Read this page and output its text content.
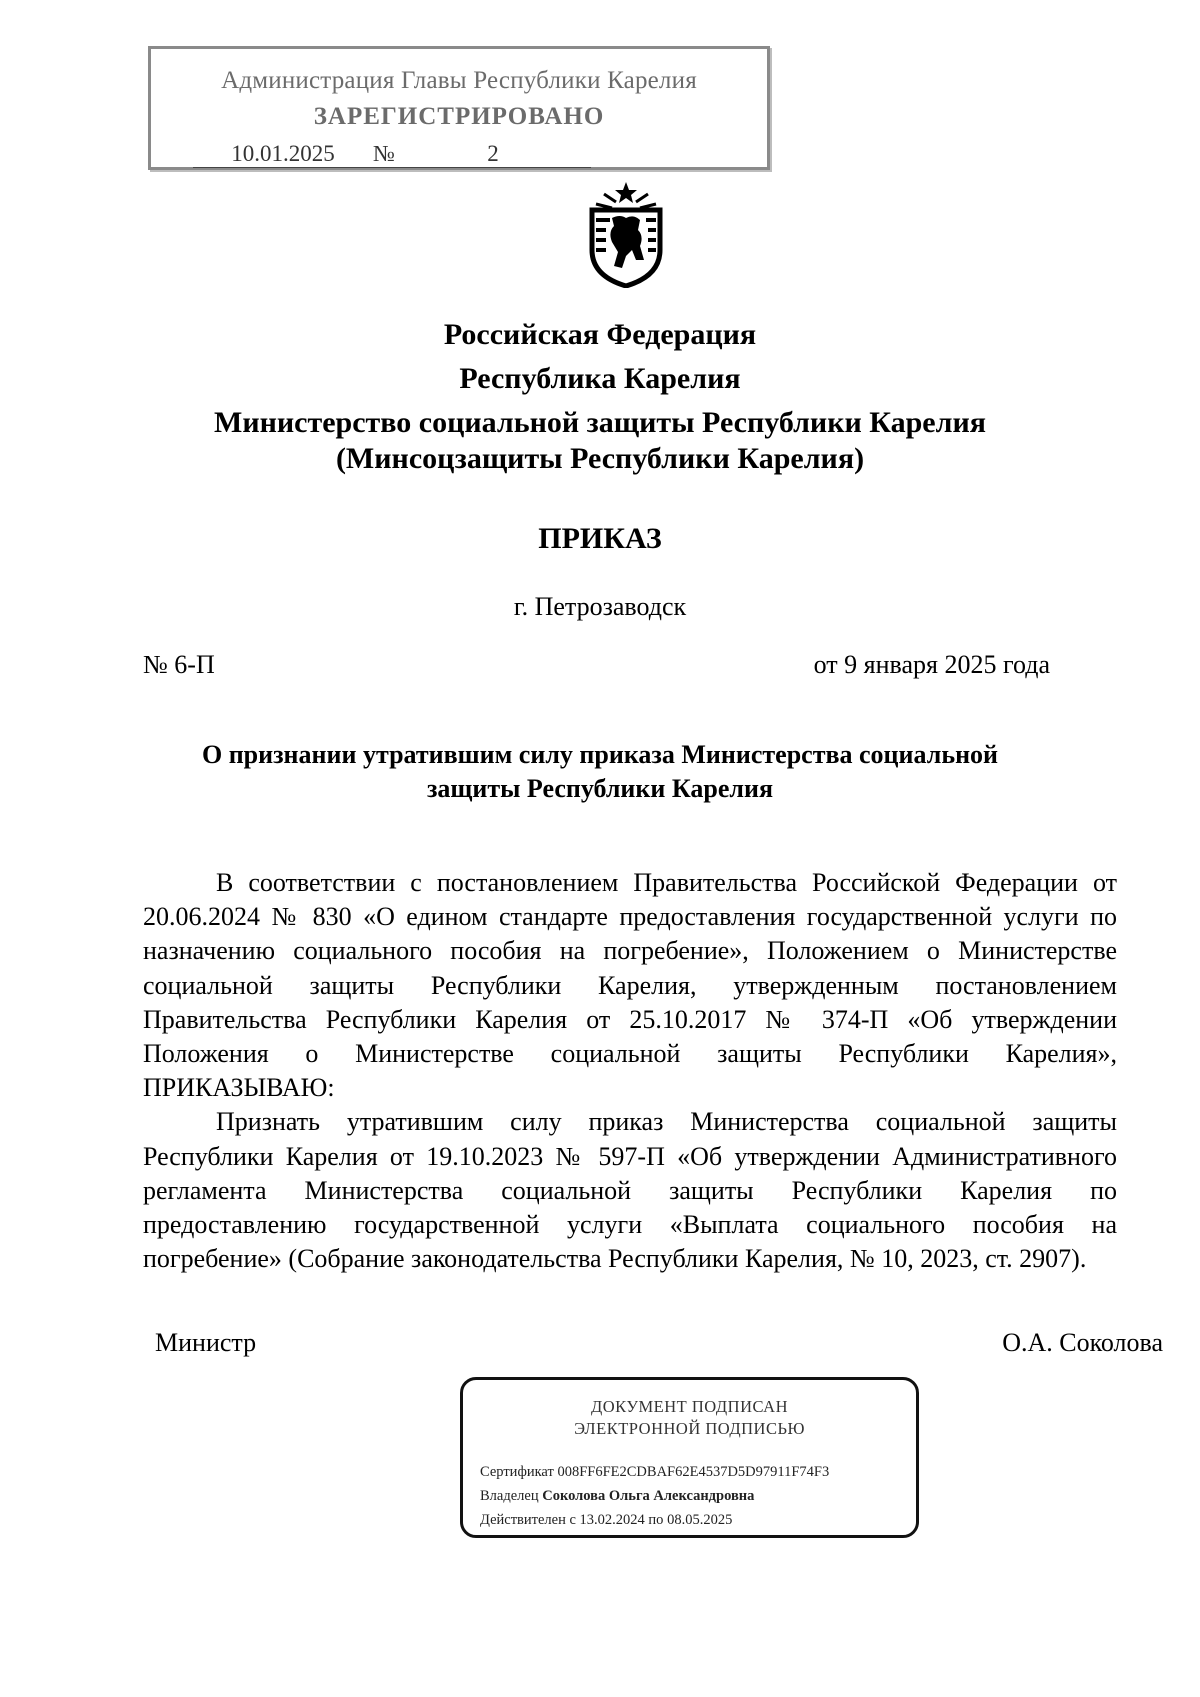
Администрация Главы Республики Карелия
ЗАРЕГИСТРИРОВАНО
10.01.2025 №	2
Российская Федерация
Республика Карелия
Министерство социальной защиты Республики Карелия
(Минсоцзащиты Республики Карелия)
ПРИКАЗ
г. Петрозаводск
№ 6-П	от 9 января 2025 года
О признании утратившим силу приказа Министерства социальной
защиты Республики Карелия

В соответствии с постановлением Правительства Российской Федерации от 20.06.2024 № 830 «О едином стандарте предоставления государственной услуги по назначению социального пособия на погребение», Положением о Министерстве социальной защиты Республики Карелия, утвержденным постановлением Правительства Республики Карелия от 25.10.2017 № 374-П «Об утверждении Положения о Министерстве социальной защиты Республики Карелия», ПРИКАЗЫВАЮ:

Признать утратившим силу приказ Министерства социальной защиты Республики Карелия от 19.10.2023 № 597-П «Об утверждении Административного регламента Министерства социальной защиты Республики Карелия по предоставлению государственной услуги «Выплата социального пособия на погребение» (Собрание законодательства Республики Карелия, № 10, 2023, ст. 2907).

Министр	О.А. Соколова
ДОКУМЕНТ ПОДПИСАН
ЭЛЕКТРОННОЙ ПОДПИСЬЮ
Сертификат 008FF6FE2CDBAF62E4537D5D97911F74F3
Владелец Соколова Ольга Александровна
Действителен с 13.02.2024 по 08.05.2025
